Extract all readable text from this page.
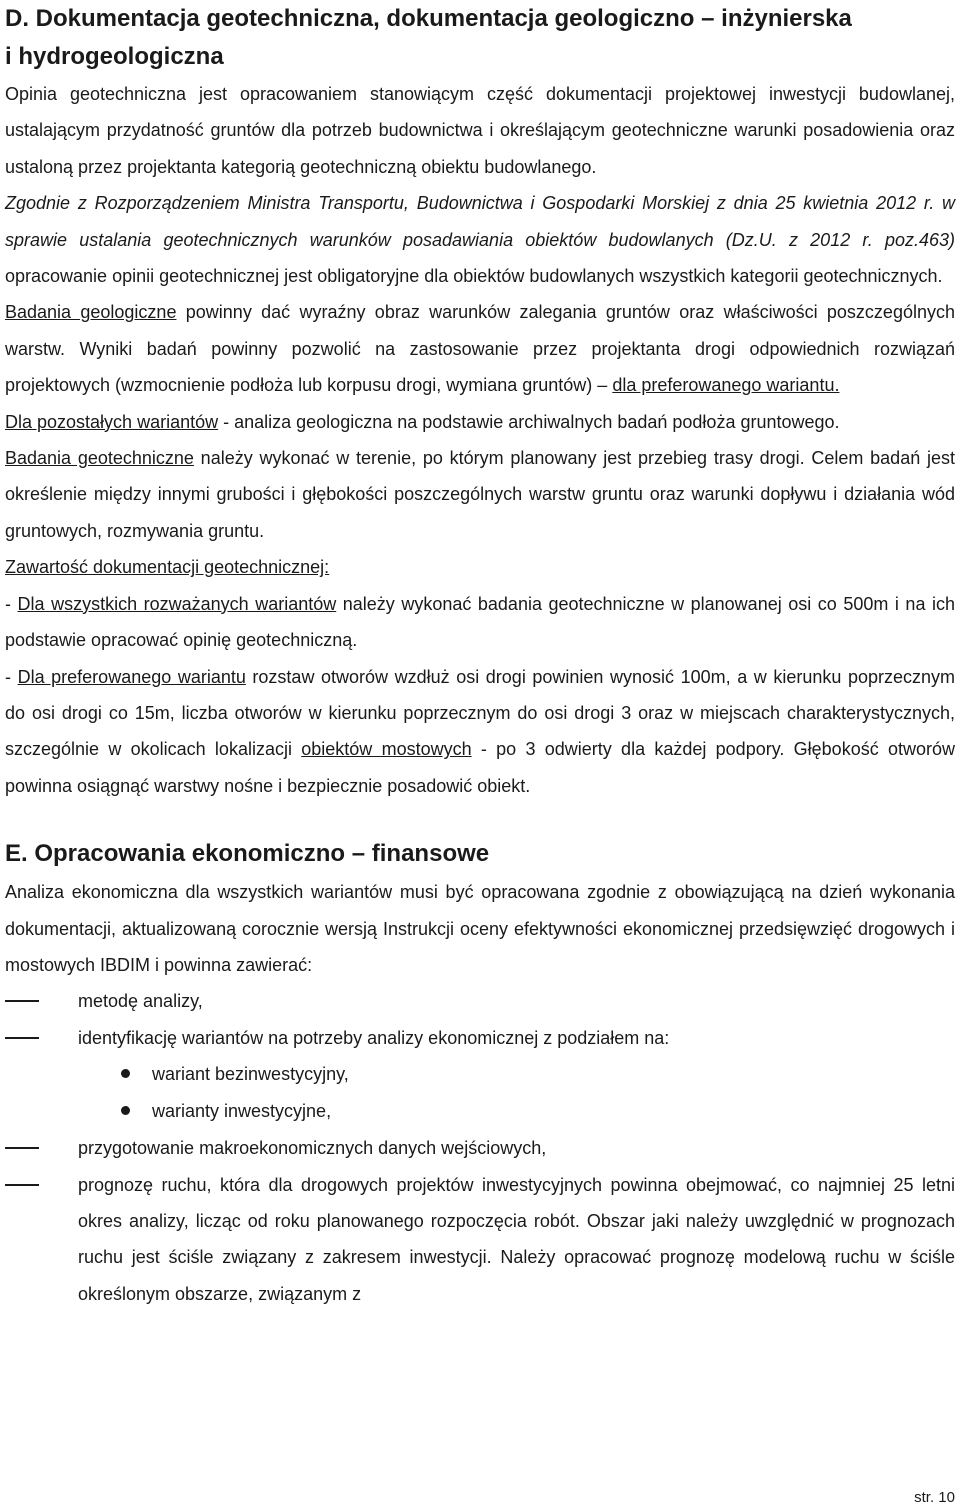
D. Dokumentacja geotechniczna, dokumentacja geologiczno – inżynierska
i hydrogeologiczna

Opinia geotechniczna jest opracowaniem stanowiącym część dokumentacji projektowej inwestycji budowlanej, ustalającym przydatność gruntów dla potrzeb budownictwa i określającym geotechniczne warunki posadowienia oraz ustaloną przez projektanta kategorią geotechniczną obiektu budowlanego.

Zgodnie z Rozporządzeniem Ministra Transportu, Budownictwa i Gospodarki Morskiej z dnia 25 kwietnia 2012 r. w sprawie ustalania geotechnicznych warunków posadawiania obiektów budowlanych (Dz.U. z 2012 r. poz.463) opracowanie opinii geotechnicznej jest obligatoryjne dla obiektów budowlanych wszystkich kategorii geotechnicznych.

Badania geologiczne powinny dać wyraźny obraz warunków zalegania gruntów oraz właściwości poszczególnych warstw. Wyniki badań powinny pozwolić na zastosowanie przez projektanta drogi odpowiednich rozwiązań projektowych (wzmocnienie podłoża lub korpusu drogi, wymiana gruntów) – dla preferowanego wariantu.

Dla pozostałych wariantów - analiza geologiczna na podstawie archiwalnych badań podłoża gruntowego.

Badania geotechniczne należy wykonać w terenie, po którym planowany jest przebieg trasy drogi. Celem badań jest określenie między innymi grubości i głębokości poszczególnych warstw gruntu oraz warunki dopływu i działania wód gruntowych, rozmywania gruntu.

Zawartość dokumentacji geotechnicznej:

- Dla wszystkich rozważanych wariantów należy wykonać badania geotechniczne w planowanej osi co 500m i na ich podstawie opracować opinię geotechniczną.

- Dla preferowanego wariantu rozstaw otworów wzdłuż osi drogi powinien wynosić 100m, a w kierunku poprzecznym do osi drogi co 15m, liczba otworów w kierunku poprzecznym do osi drogi 3 oraz w miejscach charakterystycznych, szczególnie w okolicach lokalizacji obiektów mostowych - po 3 odwierty dla każdej podpory. Głębokość otworów powinna osiągnąć warstwy nośne i bezpiecznie posadowić obiekt.

E. Opracowania ekonomiczno – finansowe

Analiza ekonomiczna dla wszystkich wariantów musi być opracowana zgodnie z obowiązującą na dzień wykonania dokumentacji, aktualizowaną corocznie wersją Instrukcji oceny efektywności ekonomicznej przedsięwzięć drogowych i mostowych IBDIM i powinna zawierać:

metodę analizy,
identyfikację wariantów na potrzeby analizy ekonomicznej z podziałem na:
wariant bezinwestycyjny,
warianty inwestycyjne,
przygotowanie makroekonomicznych danych wejściowych,
prognozę ruchu, która dla drogowych projektów inwestycyjnych powinna obejmować, co najmniej 25 letni okres analizy, licząc od roku planowanego rozpoczęcia robót. Obszar jaki należy uwzględnić w prognozach ruchu jest ściśle związany z zakresem inwestycji. Należy opracować prognozę modelową ruchu w ściśle określonym obszarze, związanym z
str. 10
